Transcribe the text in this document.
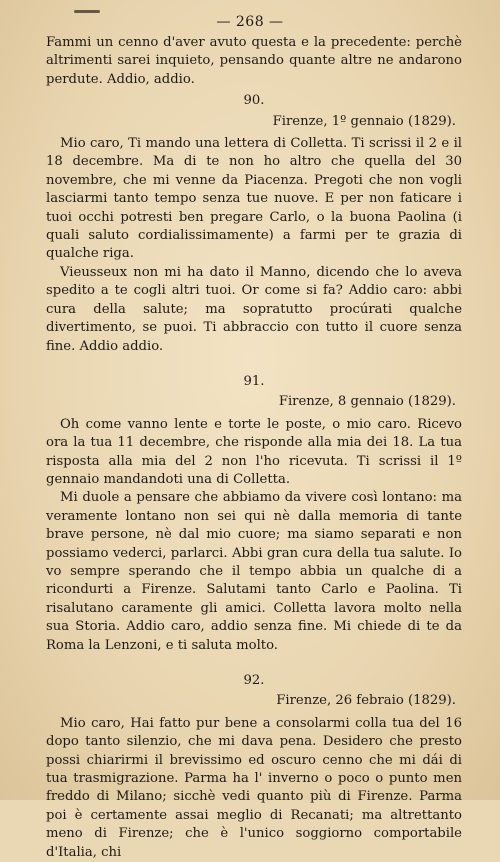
— 268 —

Fammi un cenno d'aver avuto questa e la precedente: perchè altrimenti sarei inquieto, pensando quante altre ne andarono perdute. Addio, addio.

90.
Firenze, 1º gennaio (1829).

Mio caro, Ti mando una lettera di Colletta. Ti scrissi il 2 e il 18 decembre. Ma di te non ho altro che quella del 30 novembre, che mi venne da Piacenza. Pregoti che non vogli lasciarmi tanto tempo senza tue nuove. E per non faticare i tuoi occhi potresti ben pregare Carlo, o la buona Paolina (i quali saluto cordialissimamente) a farmi per te grazia di qualche riga.

Vieusseux non mi ha dato il Manno, dicendo che lo aveva spedito a te cogli altri tuoi. Or come si fa? Addio caro: abbi cura della salute; ma sopratutto procúrati qualche divertimento, se puoi. Ti abbraccio con tutto il cuore senza fine. Addio addio.

91.
Firenze, 8 gennaio (1829).

Oh come vanno lente e torte le poste, o mio caro. Ricevo ora la tua 11 decembre, che risponde alla mia dei 18. La tua risposta alla mia del 2 non l'ho ricevuta. Ti scrissi il 1º gennaio mandandoti una di Colletta.

Mi duole a pensare che abbiamo da vivere così lontano: ma veramente lontano non sei qui nè dalla memoria di tante brave persone, nè dal mio cuore; ma siamo separati e non possiamo vederci, parlarci. Abbi gran cura della tua salute. Io vo sempre sperando che il tempo abbia un qualche di a ricondurti a Firenze. Salutami tanto Carlo e Paolina. Ti risalutano caramente gli amici. Colletta lavora molto nella sua Storia. Addio caro, addio senza fine. Mi chiede di te da Roma la Lenzoni, e ti saluta molto.

92.
Firenze, 26 febraio (1829).

Mio caro, Hai fatto pur bene a consolarmi colla tua del 16 dopo tanto silenzio, che mi dava pena. Desidero che presto possi chiarirmi il brevissimo ed oscuro cenno che mi dái di tua trasmigrazione. Parma ha l' inverno o poco o punto men freddo di Milano; sicchè vedi quanto più di Firenze. Parma poi è certamente assai meglio di Recanati; ma altrettanto meno di Firenze; che è l'unico soggiorno comportabile d'Italia, chi
